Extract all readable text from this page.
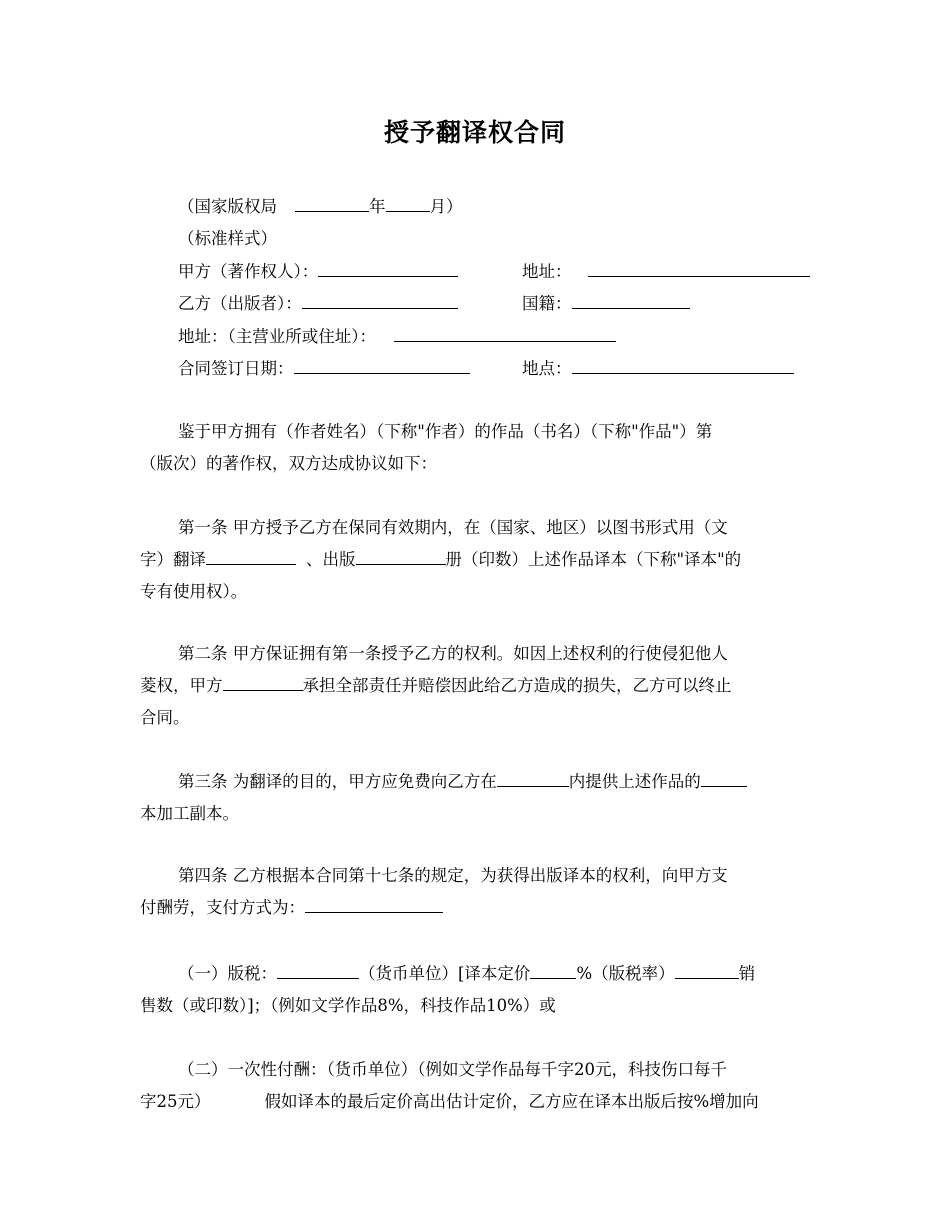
授予翻译权合同
（国家版权局	年	月）
（标准样式）
甲方（著作权人）：	地址：
乙方（出版者）：	国籍：
地址：（主营业所或住址）：
合同签订日期：	地点：
鉴于甲方拥有（作者姓名）（下称"作者）的作品（书名）（下称"作品"）第
（版次）的著作权，双方达成协议如下：
第一条 甲方授予乙方在保同有效期内，在（国家、地区）以图书形式用（文
字）翻译	、出版	册（印数）上述作品译本（下称"译本"的
专有使用权）。
第二条 甲方保证拥有第一条授予乙方的权利。如因上述权利的行使侵犯他人
菱权，甲方	承担全部责任并赔偿因此给乙方造成的损失，乙方可以终止
合同。
第三条 为翻译的目的，甲方应免费向乙方在	内提供上述作品的
本加工副本。
第四条 乙方根据本合同第十七条的规定，为获得出版译本的权利，向甲方支
付酬劳，支付方式为：
（一）版税：	（货币单位）[译本定价	%（版税率）	销
售数（或印数）]；（例如文学作品8%，科技作品10%）或
（二）一次性付酬：（货币单位）（例如文学作品每千字20元，科技伤口每千
字25元）	假如译本的最后定价高出估计定价，乙方应在译本出版后按%增加向
